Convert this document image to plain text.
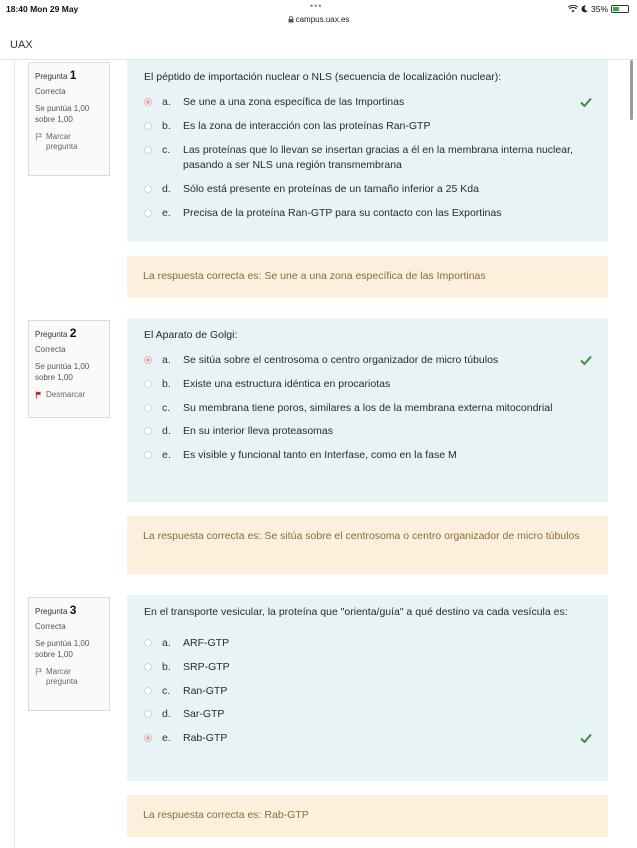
18:40 Mon 29 May	•••
campus.uax.es
35%
UAX
Pregunta 1
Correcta
Se puntúa 1,00 sobre 1,00
Marcar pregunta
El péptido de importación nuclear o NLS (secuencia de localización nuclear):
a.	Se une a una zona específica de las Importinas
b.	Es la zona de interacción con las proteínas Ran-GTP
c.	Las proteínas que lo llevan se insertan gracias a él en la membrana interna nuclear, pasando a ser NLS una región transmembrana
d.	Sólo está presente en proteínas de un tamaño inferior a 25 Kda
e.	Precisa de la proteína Ran-GTP para su contacto con las Exportinas
La respuesta correcta es: Se une a una zona específica de las Importinas
Pregunta 2
Correcta
Se puntúa 1,00 sobre 1,00
Desmarcar
El Aparato de Golgi:
a.	Se sitúa sobre el centrosoma o centro organizador de micro túbulos
b.	Existe una estructura idéntica en procariotas
c.	Su membrana tiene poros, similares a los de la membrana externa mitocondrial
d.	En su interior lleva proteasomas
e.	Es visible y funcional tanto en Interfase, como en la fase M
La respuesta correcta es: Se sitúa sobre el centrosoma o centro organizador de micro túbulos
Pregunta 3
Correcta
Se puntúa 1,00 sobre 1,00
Marcar pregunta
En el transporte vesicular, la proteína que "orienta/guía" a qué destino va cada vesícula es:
a.	ARF-GTP
b.	SRP-GTP
c.	Ran-GTP
d.	Sar-GTP
e.	Rab-GTP
La respuesta correcta es: Rab-GTP
